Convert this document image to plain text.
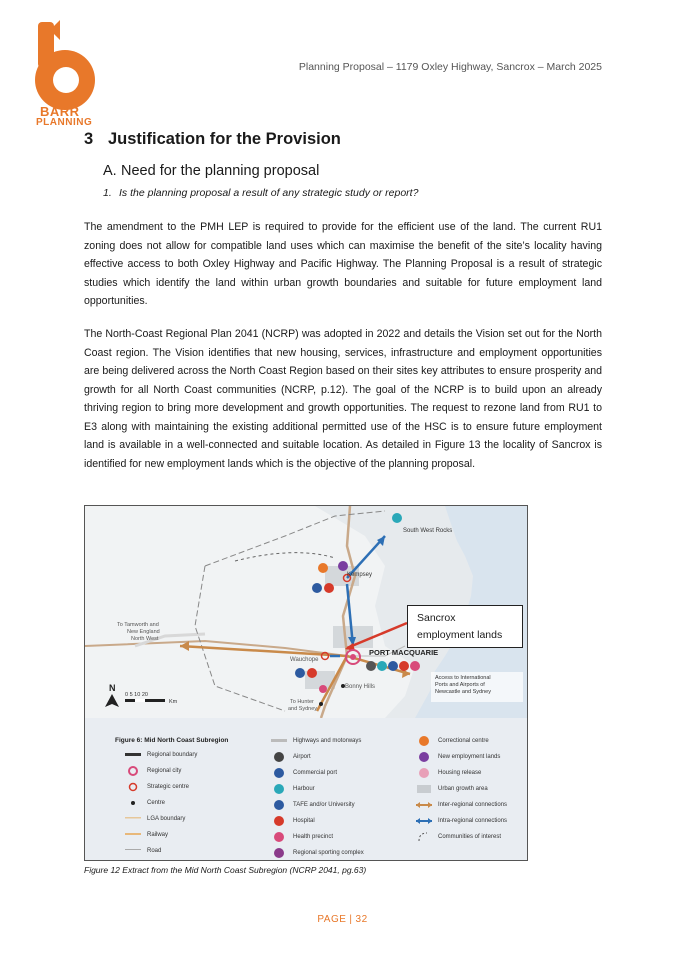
BARR
PLANNING
Planning Proposal – 1179 Oxley Highway, Sancrox – March 2025
3 Justification for the Provision
A. Need for the planning proposal
1. Is the planning proposal a result of any strategic study or report?

The amendment to the PMH LEP is required to provide for the efficient use of the land. The current RU1 zoning does not allow for compatible land uses which can maximise the benefit of the site’s locality having effective access to both Oxley Highway and Pacific Highway. The Planning Proposal is a result of strategic studies which identify the land within urban growth boundaries and suitable for future employment land opportunities.

The North-Coast Regional Plan 2041 (NCRP) was adopted in 2022 and details the Vision set out for the North Coast region. The Vision identifies that new housing, services, infrastructure and employment opportunities are being delivered across the North Coast Region based on their sites key attributes to ensure prosperity and growth for all North Coast communities (NCRP, p.12). The goal of the NCRP is to build upon an already thriving region to bring more development and growth opportunities. The request to rezone land from RU1 to E3 along with maintaining the existing additional permitted use of the HSC is to ensure future employment land is available in a well-connected and suitable location. As detailed in Figure 13 the locality of Sancrox is identified for new employment lands which is the objective of the planning proposal.

South West Rocks
Kempsey
PORT MACQUARIE
Wauchope
Bonny Hills
To Tamworth and New England North West
To Hunter and Sydney
Access to International Ports and Airports of Newcastle and Sydney
N
0 5 10 20
Km
Figure 6: Mid North Coast Subregion
Regional boundary
Regional city
Strategic centre
Centre
LGA boundary
Railway
Road
Highways and motorways
Airport
Commercial port
Harbour
TAFE and/or University
Hospital
Health precinct
Regional sporting complex
Correctional centre
New employment lands
Housing release
Urban growth area
Inter-regional connections
Intra-regional connections
Communities of interest
Sancrox
employment lands
Figure 12 Extract from the Mid North Coast Subregion (NCRP 2041, pg.63)
PAGE | 32
